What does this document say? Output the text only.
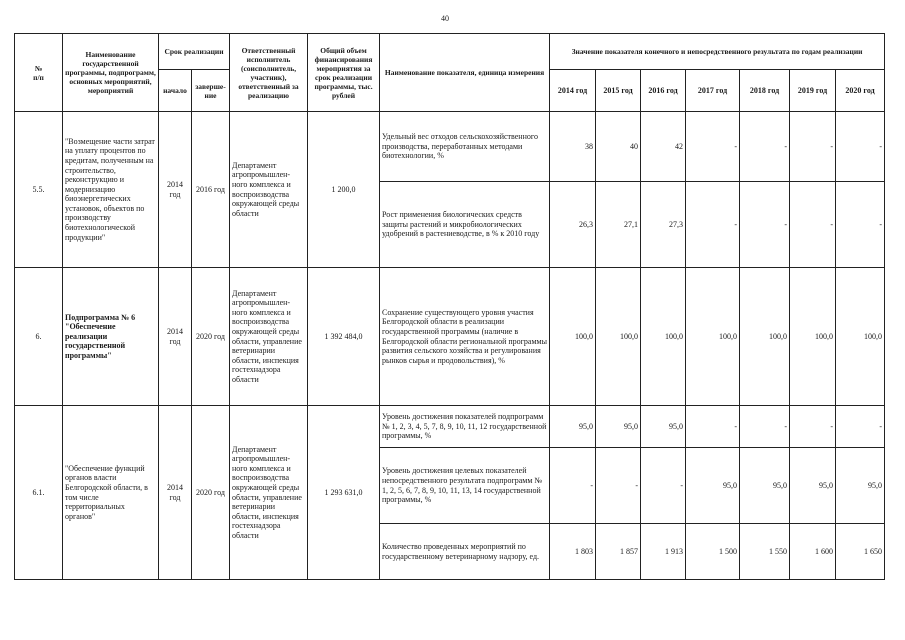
40
№
п/п	Наименование государственной программы, подпрограмм, основных мероприятий, мероприятий	Срок реализации		Ответственный исполнитель (соисполнитель, участник), ответственный за реализацию	Общий объем финансирования мероприятия за срок реализации программы, тыс. рублей	Наименование показателя, единица измерения	Значение показателя конечного и непосредственного результата по годам реализации						
		начало	заверше-ние				2014 год	2015 год	2016 год	2017 год	2018 год	2019 год	2020 год
5.5.	"Возмещение части затрат на уплату процентов по кредитам, полученным на строительство, реконструкцию и модернизацию биоэнергетических установок, объектов по производству биотехнологической продукции"	2014 год	2016 год	Департамент агропромышлен-ного комплекса и воспроизводства окружающей среды области	1 200,0	Удельный вес отходов сельскохозяйственного производства, переработанных методами биотехнологии, %	38	40	42	-	-	-	-
						Рост применения биологических средств защиты растений и микробиологических удобрений в растениеводстве, в % к 2010 году	26,3	27,1	27,3	-	-	-	-
6.	Подпрограмма № 6 "Обеспечение реализации государственной программы"	2014 год	2020 год	Департамент агропромышлен-ного комплекса и воспроизводства окружающей среды области, управление ветеринарии области, инспекция гостехнадзора области	1 392 484,0	Сохранение существующего уровня участия Белгородской области в реализации государственной программы (наличие в Белгородской области региональной программы развития сельского хозяйства и регулирования рынков сырья и продовольствия), %	100,0	100,0	100,0	100,0	100,0	100,0	100,0
6.1.	"Обеспечение функций органов власти Белгородской области, в том числе территориальных органов"	2014 год	2020 год	Департамент агропромышлен-ного комплекса и воспроизводства окружающей среды области, управление ветеринарии области, инспекция гостехнадзора области	1 293 631,0	Уровень достижения показателей подпрограмм № 1, 2, 3, 4, 5, 7, 8, 9, 10, 11, 12 государственной программы, %	95,0	95,0	95,0	-	-	-	-
						Уровень достижения целевых показателей непосредственного результата подпрограмм № 1, 2, 5, 6, 7, 8, 9, 10, 11, 13, 14 государственной программы, %	-	-	-	95,0	95,0	95,0	95,0
						Количество проведенных мероприятий по государственному ветеринарному надзору, ед.	1 803	1 857	1 913	1 500	1 550	1 600	1 650
